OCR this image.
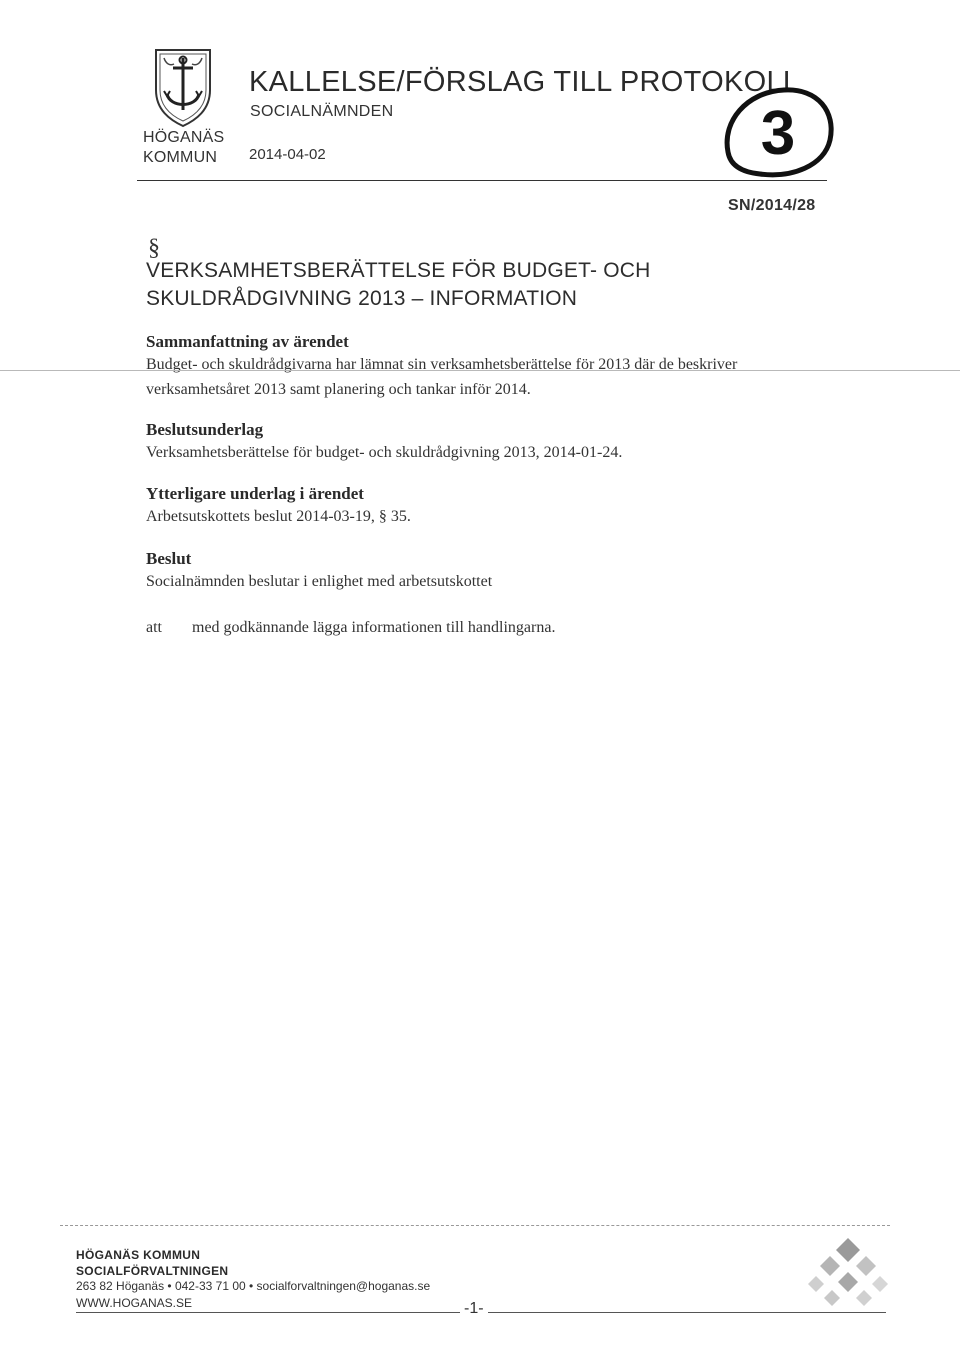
HÖGANÄS
KOMMUN
KALLELSE/FÖRSLAG TILL PROTOKOLL
SOCIALNÄMNDEN
2014-04-02	3
SN/2014/28
§
VERKSAMHETSBERÄTTELSE FÖR BUDGET- OCH SKULDRÅDGIVNING 2013 – INFORMATION
Sammanfattning av ärendet
Budget- och skuldrådgivarna har lämnat sin verksamhetsberättelse för 2013 där de beskriver verksamhetsåret 2013 samt planering och tankar inför 2014.
Beslutsunderlag
Verksamhetsberättelse för budget- och skuldrådgivning 2013, 2014-01-24.
Ytterligare underlag i ärendet
Arbetsutskottets beslut 2014-03-19, § 35.
Beslut
Socialnämnden beslutar i enlighet med arbetsutskottet
att med godkännande lägga informationen till handlingarna.
HÖGANÄS KOMMUN
SOCIALFÖRVALTNINGEN
263 82 Höganäs • 042-33 71 00 • socialforvaltningen@hoganas.se
WWW.HOGANAS.SE	-1-
